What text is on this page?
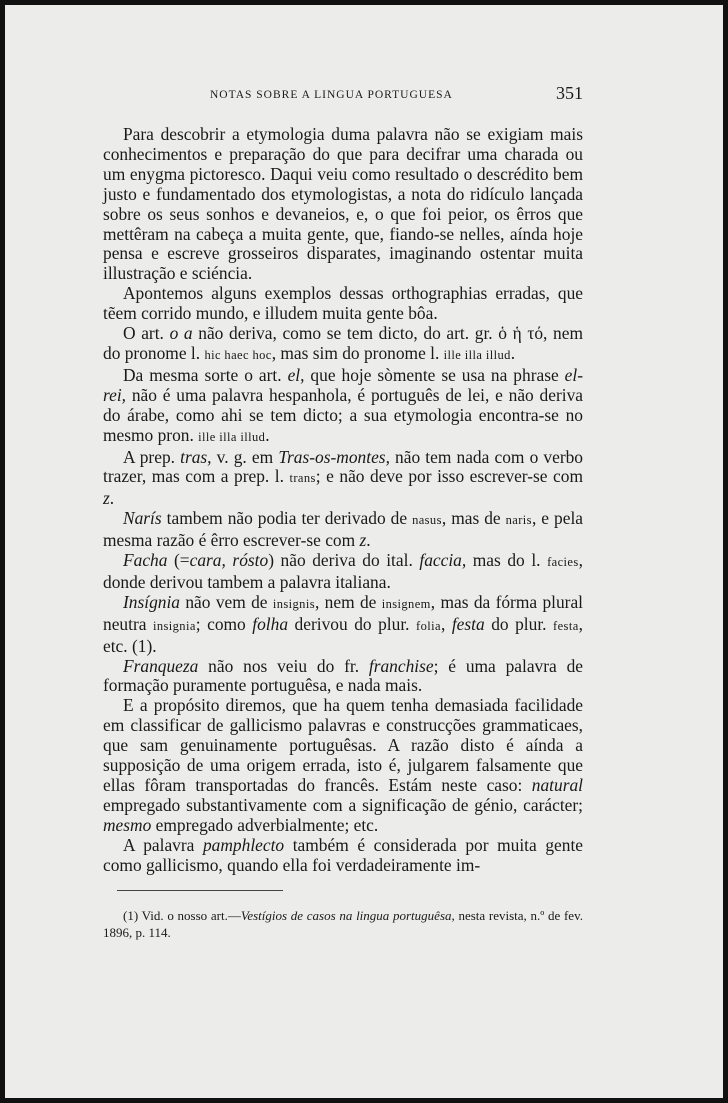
NOTAS SOBRE A LINGUA PORTUGUESA	351

Para descobrir a etymologia duma palavra não se exigiam mais conhecimentos e preparação do que para decifrar uma charada ou um enygma pictoresco. Daqui veiu como resultado o descrédito bem justo e fundamentado dos etymologistas, a nota do ridículo lançada sobre os seus sonhos e devaneios, e, o que foi peior, os êrros que mettêram na cabeça a muita gente, que, fiando-se nelles, aínda hoje pensa e escreve grosseiros disparates, imaginando ostentar muita illustração e sciéncia.

Apontemos alguns exemplos dessas orthographias erradas, que tẽem corrido mundo, e illudem muita gente bôa.

O art. o a não deriva, como se tem dicto, do art. gr. ὁ ἡ τό, nem do pronome l. hic haec hoc, mas sim do pronome l. ille illa illud.

Da mesma sorte o art. el, que hoje sòmente se usa na phrase el-rei, não é uma palavra hespanhola, é português de lei, e não deriva do árabe, como ahi se tem dicto; a sua etymologia encontra-se no mesmo pron. ille illa illud.

A prep. tras, v. g. em Tras-os-montes, não tem nada com o verbo trazer, mas com a prep. l. trans; e não deve por isso escrever-se com z.

Narís tambem não podia ter derivado de nasus, mas de naris, e pela mesma razão é êrro escrever-se com z.

Facha (=cara, rósto) não deriva do ital. faccia, mas do l. facies, donde derivou tambem a palavra italiana.

Insígnia não vem de insignis, nem de insignem, mas da fórma plural neutra insignia; como folha derivou do plur. folia, festa do plur. festa, etc. (1).

Franqueza não nos veiu do fr. franchise; é uma palavra de formação puramente portuguêsa, e nada mais.

E a propósito diremos, que ha quem tenha demasiada facilidade em classificar de gallicismo palavras e construcções grammaticaes, que sam genuinamente portuguêsas. A razão disto é aínda a supposição de uma origem errada, isto é, julgarem falsamente que ellas fôram transportadas do francês. Estám neste caso: natural empregado substantivamente com a significação de génio, carácter; mesmo empregado adverbialmente; etc.

A palavra pamphlecto também é considerada por muita gente como gallicismo, quando ella foi verdadeiramente im-

(1) Vid. o nosso art.—Vestígios de casos na lingua portuguêsa, nesta revista, n.º de fev. 1896, p. 114.
